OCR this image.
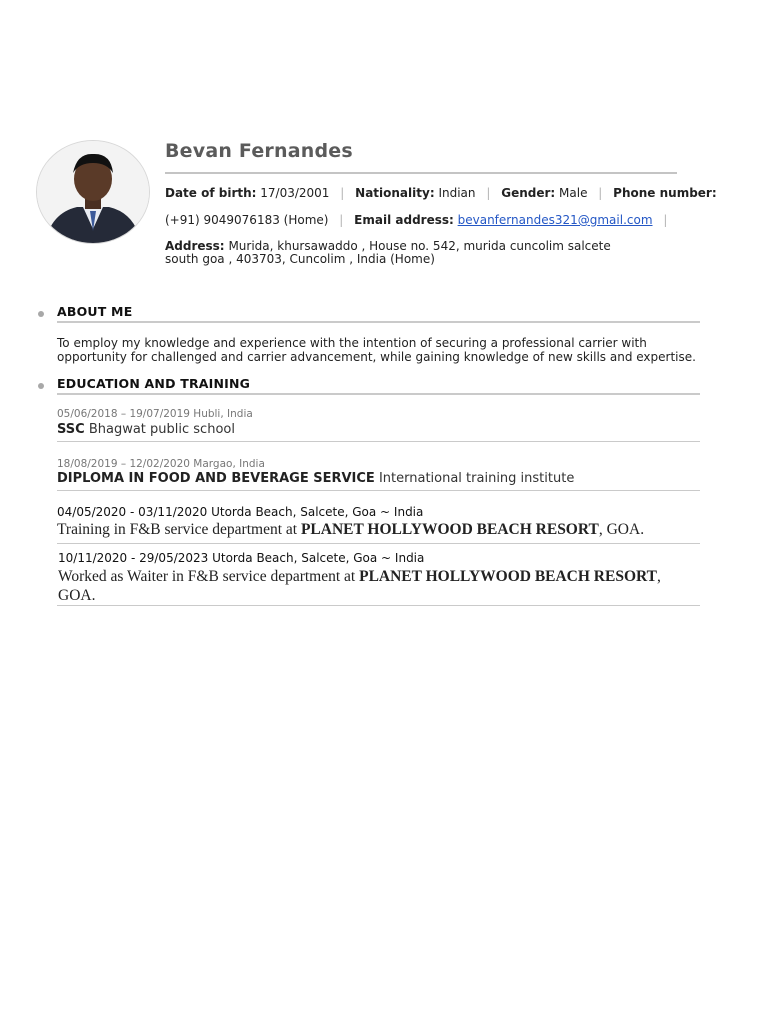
Bevan Fernandes
Date of birth: 17/03/2001 | Nationality: Indian | Gender: Male | Phone number:
(+91) 9049076183 (Home) | Email address: bevanfernandes321@gmail.com |
Address: Murida, khursawaddo , House no. 542, murida cuncolim salcete
south goa , 403703, Cuncolim , India (Home)
ABOUT ME
To employ my knowledge and experience with the intention of securing a professional carrier with opportunity for challenged and carrier advancement, while gaining knowledge of new skills and expertise.
EDUCATION AND TRAINING
05/06/2018 – 19/07/2019 Hubli, India
SSC Bhagwat public school
18/08/2019 – 12/02/2020 Margao, India
DIPLOMA IN FOOD AND BEVERAGE SERVICE International training institute
04/05/2020 - 03/11/2020 Utorda Beach, Salcete, Goa ~ India
Training in F&B service department at PLANET HOLLYWOOD BEACH RESORT, GOA.
10/11/2020 - 29/05/2023 Utorda Beach, Salcete, Goa ~ India
Worked as Waiter in F&B service department at PLANET HOLLYWOOD BEACH RESORT,
GOA.
